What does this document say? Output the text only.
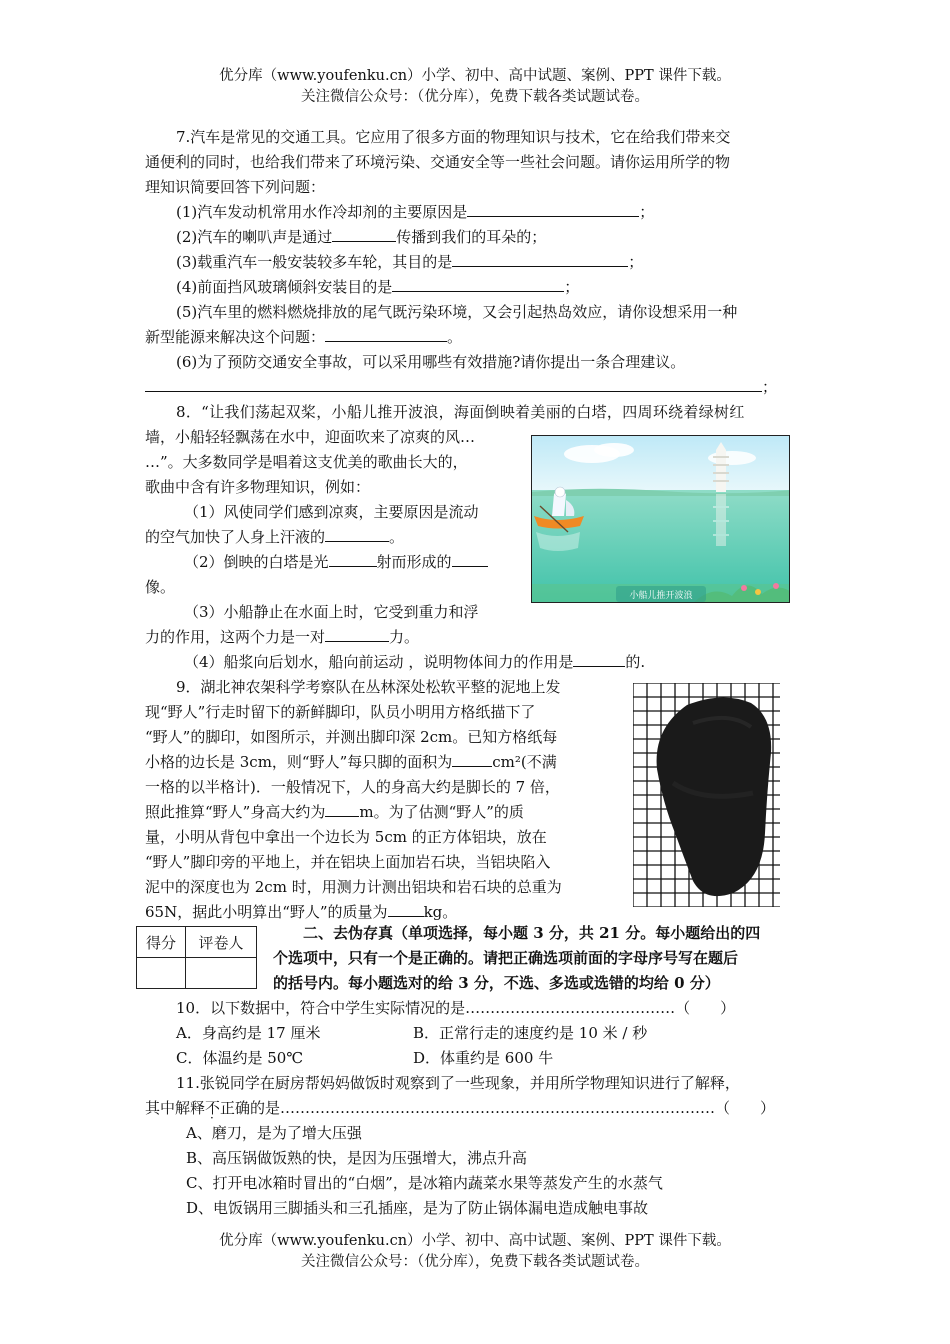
优分库（www.youfenku.cn）小学、初中、高中试题、案例、PPT 课件下载。
关注微信公众号：（优分库），免费下载各类试题试卷。
7.汽车是常见的交通工具。它应用了很多方面的物理知识与技术，它在给我们带来交
通便利的同时，也给我们带来了环境污染、交通安全等一些社会问题。请你运用所学的物
理知识简要回答下列问题：
(1)汽车发动机常用水作冷却剂的主要原因是	；
(2)汽车的喇叭声是通过	传播到我们的耳朵的；
(3)载重汽车一般安装较多车轮，其目的是	；
(4)前面挡风玻璃倾斜安装目的是	；
(5)汽车里的燃料燃烧排放的尾气既污染环境，又会引起热岛效应，请你设想采用一种
新型能源来解决这个问题：	。
(6)为了预防交通安全事故，可以采用哪些有效措施?请你提出一条合理建议。
；
8．“让我们荡起双桨，小船儿推开波浪，海面倒映着美丽的白塔，四周环绕着绿树红
墙，小船轻轻飘荡在水中，迎面吹来了凉爽的风…
…”。大多数同学是唱着这支优美的歌曲长大的，
歌曲中含有许多物理知识，例如：
（1）风使同学们感到凉爽，主要原因是流动
的空气加快了人身上汗液的	。
（2）倒映的白塔是光	射而形成的
像。
（3）小船静止在水面上时，它受到重力和浮
力的作用，这两个力是一对	力。
（4）船浆向后划水，船向前运动 ，说明物体间力的作用是	的.
小船儿推开波浪
9．湖北神农架科学考察队在丛林深处松软平整的泥地上发
现“野人”行走时留下的新鲜脚印，队员小明用方格纸描下了
“野人”的脚印，如图所示，并测出脚印深 2cm。已知方格纸每
小格的边长是 3cm，则“野人”每只脚的面积为	cm²(不满
一格的以半格计)．一般情况下，人的身高大约是脚长的 7 倍，
照此推算“野人”身高大约为 m。为了估测“野人”的质
量，小明从背包中拿出一个边长为 5cm 的正方体铝块，放在
“野人”脚印旁的平地上，并在铝块上面加岩石块，当铝块陷入
泥中的深度也为 2cm 时，用测力计测出铝块和岩石块的总重为
65N，据此小明算出“野人”的质量为 kg。
得分	评卷人

二、去伪存真（单项选择，每小题 3 分，共 21 分。每小题给出的四
个选项中，只有一个是正确的。请把正确选项前面的字母序号写在题后
的括号内。每小题选对的给 3 分，不选、多选或选错的均给 0 分）
10．以下数据中，符合中学生实际情况的是……………………………………（　　）
A．身高约是 17 厘米	B．正常行走的速度约是 10 米 / 秒
C．体温约是 50℃	D．体重约是 600 牛
11.张锐同学在厨房帮妈妈做饭时观察到了一些现象，并用所学物理知识进行了解释，
其中解释不正确的是……………………………………………………………………………（　　）
A、磨刀，是为了增大压强
B、高压锅做饭熟的快，是因为压强增大，沸点升高
C、打开电冰箱时冒出的“白烟”，是冰箱内蔬菜水果等蒸发产生的水蒸气
D、电饭锅用三脚插头和三孔插座，是为了防止锅体漏电造成触电事故
优分库（www.youfenku.cn）小学、初中、高中试题、案例、PPT 课件下载。
关注微信公众号：（优分库），免费下载各类试题试卷。
